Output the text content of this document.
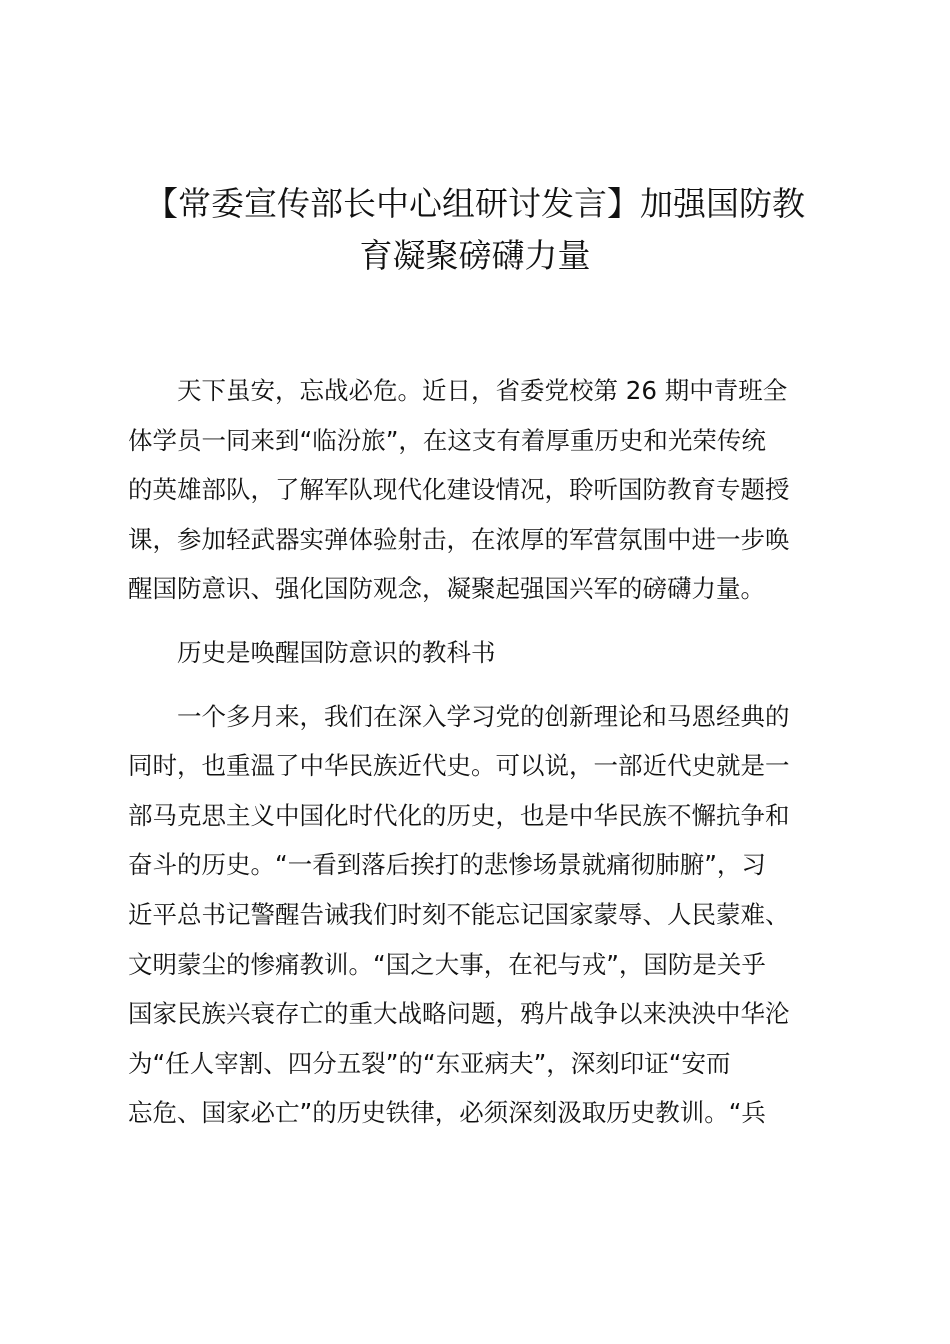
【常委宣传部长中心组研讨发言】加强国防教
育凝聚磅礴力量

天下虽安，忘战必危。近日，省委党校第 26 期中青班全
体学员一同来到“临汾旅”，在这支有着厚重历史和光荣传统
的英雄部队，了解军队现代化建设情况，聆听国防教育专题授
课，参加轻武器实弹体验射击，在浓厚的军营氛围中进一步唤
醒国防意识、强化国防观念，凝聚起强国兴军的磅礴力量。

历史是唤醒国防意识的教科书

一个多月来，我们在深入学习党的创新理论和马恩经典的
同时，也重温了中华民族近代史。可以说，一部近代史就是一
部马克思主义中国化时代化的历史，也是中华民族不懈抗争和
奋斗的历史。“一看到落后挨打的悲惨场景就痛彻肺腑”，习
近平总书记警醒告诫我们时刻不能忘记国家蒙辱、人民蒙难、
文明蒙尘的惨痛教训。“国之大事，在祀与戎”，国防是关乎
国家民族兴衰存亡的重大战略问题，鸦片战争以来泱泱中华沦
为“任人宰割、四分五裂”的“东亚病夫”，深刻印证“安而
忘危、国家必亡”的历史铁律，必须深刻汲取历史教训。“兵
